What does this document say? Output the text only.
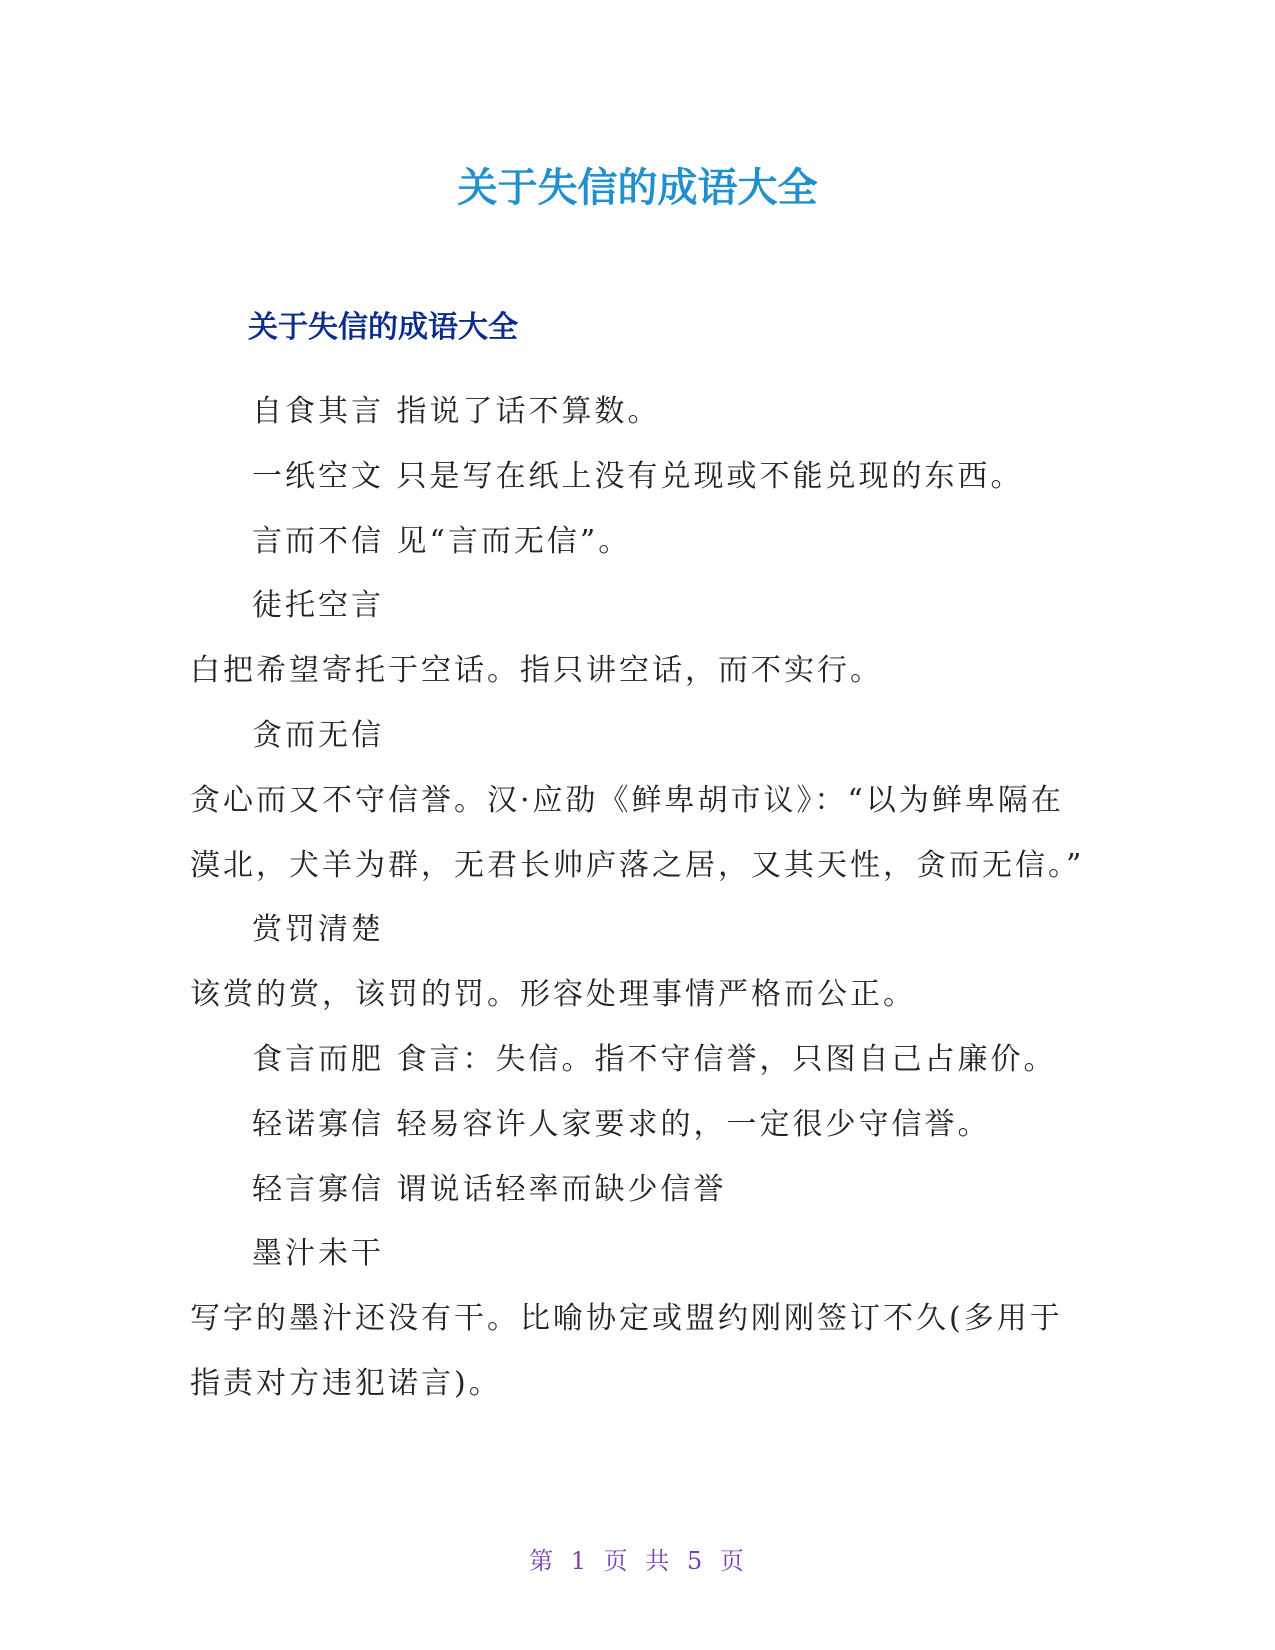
关于失信的成语大全
关于失信的成语大全

自食其言 指说了话不算数。

一纸空文 只是写在纸上没有兑现或不能兑现的东西。

言而不信 见“言而无信”。

徒托空言

白把希望寄托于空话。指只讲空话，而不实行。

贪而无信

贪心而又不守信誉。汉·应劭《鲜卑胡市议》：“以为鲜卑隔在漠北，犬羊为群，无君长帅庐落之居，又其天性，贪而无信。”

赏罚清楚

该赏的赏，该罚的罚。形容处理事情严格而公正。

食言而肥 食言：失信。指不守信誉，只图自己占廉价。

轻诺寡信 轻易容许人家要求的，一定很少守信誉。

轻言寡信 谓说话轻率而缺少信誉

墨汁未干

写字的墨汁还没有干。比喻协定或盟约刚刚签订不久(多用于指责对方违犯诺言)。

第 1 页 共 5 页
